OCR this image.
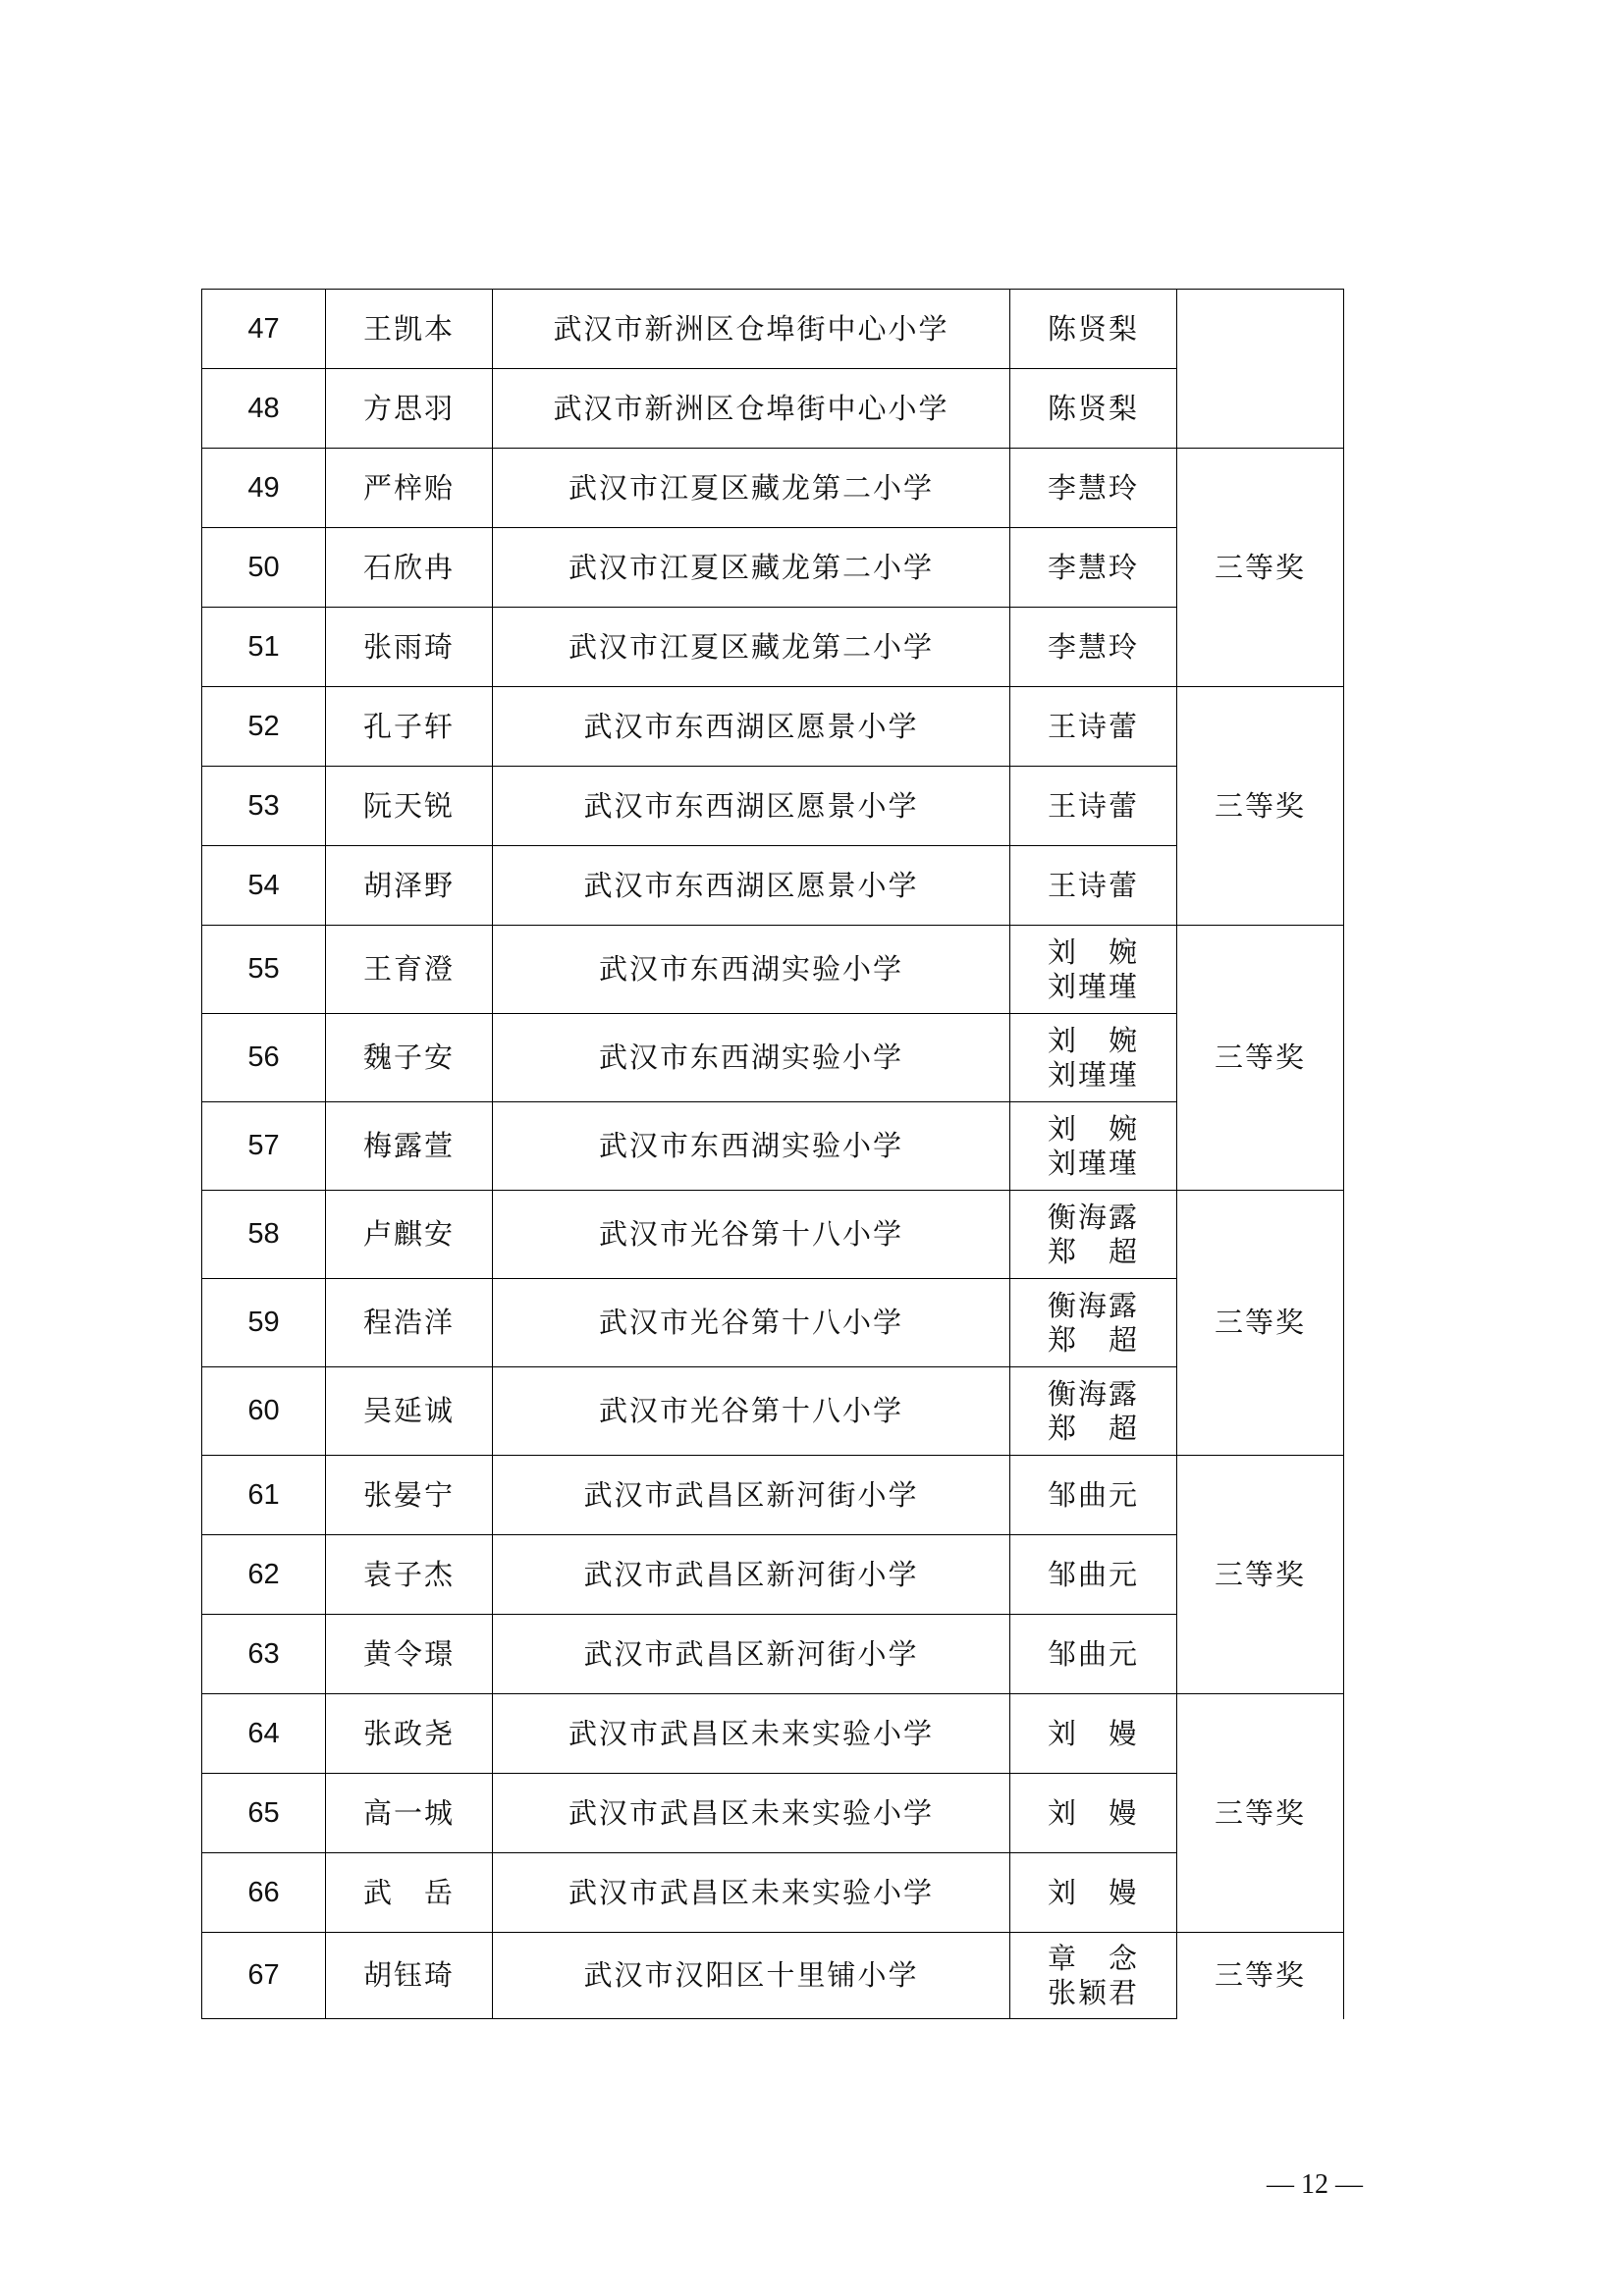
47	王凯本	武汉市新洲区仓埠街中心小学	陈贤梨	

48	方思羽	武汉市新洲区仓埠街中心小学	陈贤梨	

49	严梓贻	武汉市江夏区藏龙第二小学	李慧玲	三等奖
50	石欣冉	武汉市江夏区藏龙第二小学	李慧玲	

51	张雨琦	武汉市江夏区藏龙第二小学	李慧玲	

52	孔子轩	武汉市东西湖区愿景小学	王诗蕾	三等奖
53	阮天锐	武汉市东西湖区愿景小学	王诗蕾	

54	胡泽野	武汉市东西湖区愿景小学	王诗蕾	

55	王育澄	武汉市东西湖实验小学	刘　婉
刘瑾瑾	三等奖
56	魏子安	武汉市东西湖实验小学	刘　婉
刘瑾瑾	

57	梅露萱	武汉市东西湖实验小学	刘　婉
刘瑾瑾	

58	卢麒安	武汉市光谷第十八小学	衡海露
郑　超	三等奖
59	程浩洋	武汉市光谷第十八小学	衡海露
郑　超	

60	吴延诚	武汉市光谷第十八小学	衡海露
郑　超	

61	张晏宁	武汉市武昌区新河街小学	邹曲元	三等奖
62	袁子杰	武汉市武昌区新河街小学	邹曲元	

63	黄令璟	武汉市武昌区新河街小学	邹曲元	

64	张政尧	武汉市武昌区未来实验小学	刘　嫚	三等奖
65	高一城	武汉市武昌区未来实验小学	刘　嫚	

66	武　岳	武汉市武昌区未来实验小学	刘　嫚	

67	胡钰琦	武汉市汉阳区十里铺小学	章　念
张颖君	三等奖
— 12 —
